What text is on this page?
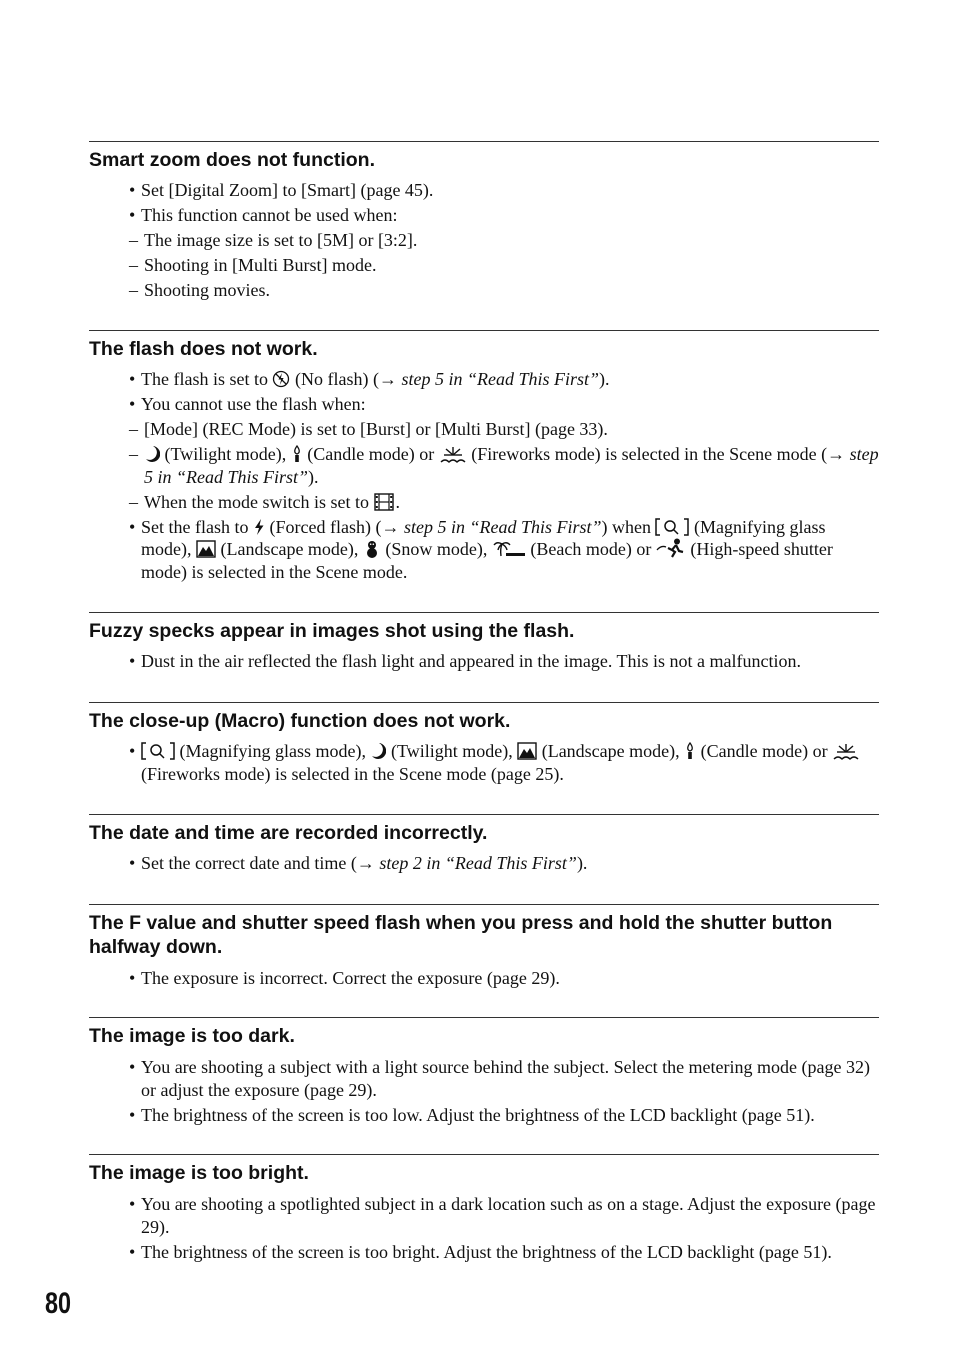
Smart zoom does not function.
• Set [Digital Zoom] to [Smart] (page 45).
• This function cannot be used when:
– The image size is set to [5M] or [3:2].
– Shooting in [Multi Burst] mode.
– Shooting movies.
The flash does not work.
• The flash is set to (No flash) (→ step 5 in “Read This First”).
• You cannot use the flash when:
– [Mode] (REC Mode) is set to [Burst] or [Multi Burst] (page 33).
– (Twilight mode), (Candle mode) or (Fireworks mode) is selected in the Scene mode (→ step 5 in “Read This First”).
– When the mode switch is set to .
• Set the flash to (Forced flash) (→ step 5 in “Read This First”) when (Magnifying glass mode), (Landscape mode), (Snow mode), (Beach mode) or (High-speed shutter mode) is selected in the Scene mode.
Fuzzy specks appear in images shot using the flash.
• Dust in the air reflected the flash light and appeared in the image. This is not a malfunction.
The close-up (Macro) function does not work.
• (Magnifying glass mode), (Twilight mode), (Landscape mode), (Candle mode) or
(Fireworks mode) is selected in the Scene mode (page 25).
The date and time are recorded incorrectly.
• Set the correct date and time (→ step 2 in “Read This First”).
The F value and shutter speed flash when you press and hold the shutter button halfway down.
• The exposure is incorrect. Correct the exposure (page 29).
The image is too dark.
• You are shooting a subject with a light source behind the subject. Select the metering mode (page 32) or adjust the exposure (page 29).
• The brightness of the screen is too low. Adjust the brightness of the LCD backlight (page 51).
The image is too bright.
• You are shooting a spotlighted subject in a dark location such as on a stage. Adjust the exposure (page 29).
• The brightness of the screen is too bright. Adjust the brightness of the LCD backlight (page 51).
80
